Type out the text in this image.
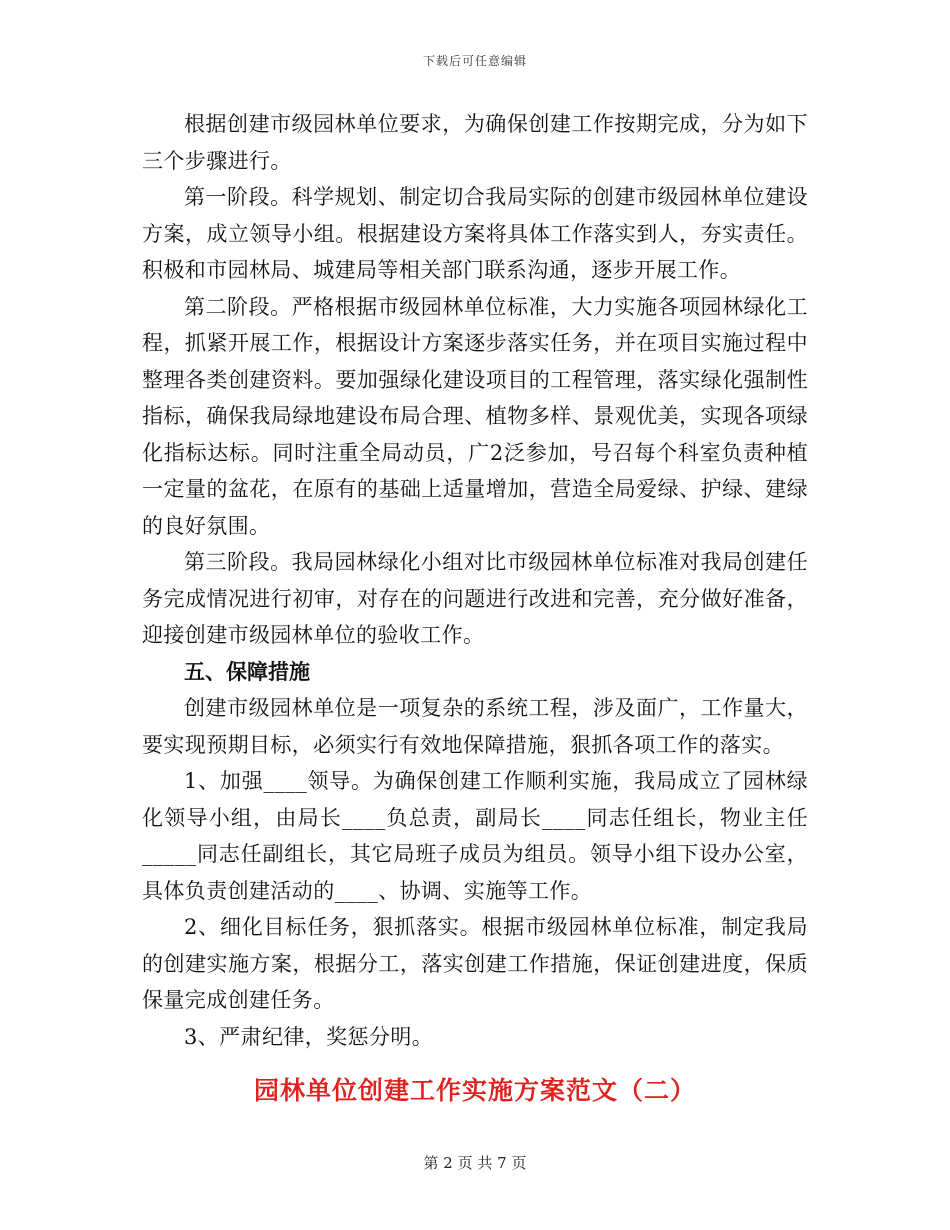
下载后可任意编辑

根据创建市级园林单位要求，为确保创建工作按期完成，分为如下三个步骤进行。

第一阶段。科学规划、制定切合我局实际的创建市级园林单位建设方案，成立领导小组。根据建设方案将具体工作落实到人，夯实责任。积极和市园林局、城建局等相关部门联系沟通，逐步开展工作。

第二阶段。严格根据市级园林单位标准，大力实施各项园林绿化工程，抓紧开展工作，根据设计方案逐步落实任务，并在项目实施过程中整理各类创建资料。要加强绿化建设项目的工程管理，落实绿化强制性指标，确保我局绿地建设布局合理、植物多样、景观优美，实现各项绿化指标达标。同时注重全局动员，广2泛参加，号召每个科室负责种植一定量的盆花，在原有的基础上适量增加，营造全局爱绿、护绿、建绿的良好氛围。

第三阶段。我局园林绿化小组对比市级园林单位标准对我局创建任务完成情况进行初审，对存在的问题进行改进和完善，充分做好准备，迎接创建市级园林单位的验收工作。

五、保障措施

创建市级园林单位是一项复杂的系统工程，涉及面广，工作量大，要实现预期目标，必须实行有效地保障措施，狠抓各项工作的落实。

1、加强____领导。为确保创建工作顺利实施，我局成立了园林绿化领导小组，由局长____负总责，副局长____同志任组长，物业主任_____同志任副组长，其它局班子成员为组员。领导小组下设办公室，具体负责创建活动的____、协调、实施等工作。

2、细化目标任务，狠抓落实。根据市级园林单位标准，制定我局的创建实施方案，根据分工，落实创建工作措施，保证创建进度，保质保量完成创建任务。

3、严肃纪律，奖惩分明。

园林单位创建工作实施方案范文（二）
第 2 页 共 7 页
